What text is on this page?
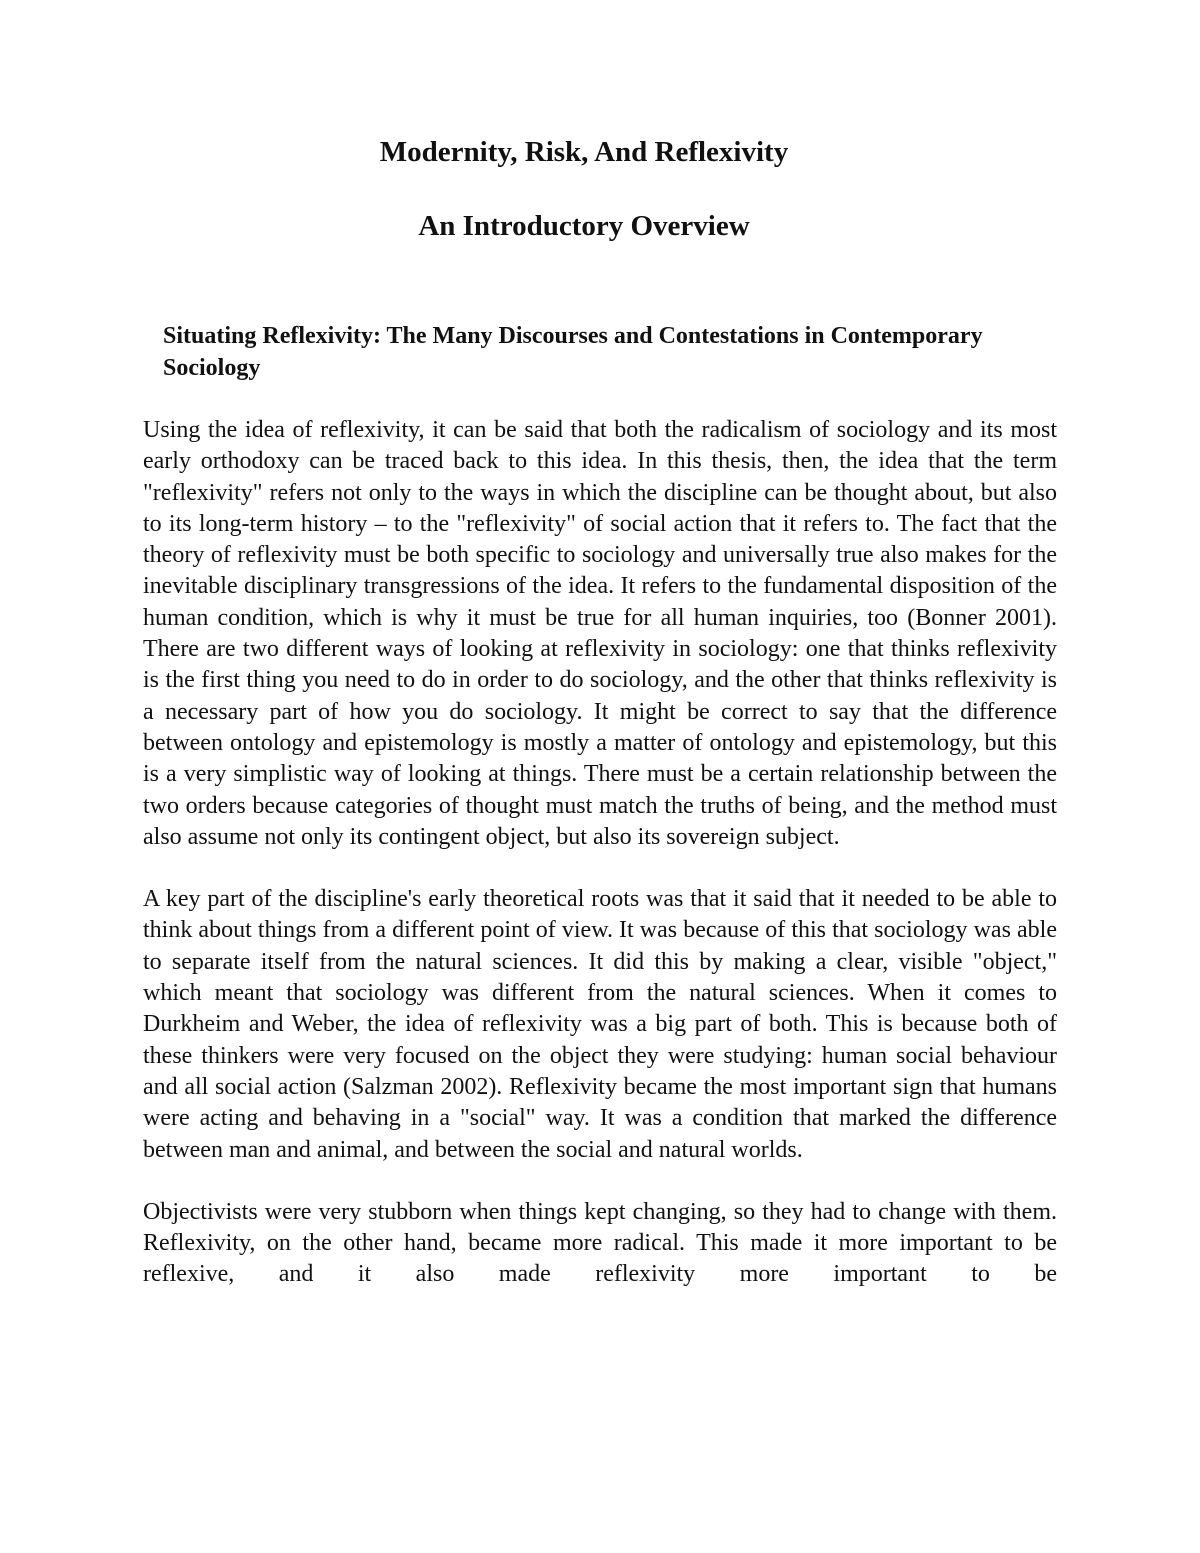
Modernity, Risk, And Reflexivity
An Introductory Overview
Situating Reflexivity: The Many Discourses and Contestations in Contemporary Sociology

Using the idea of reflexivity, it can be said that both the radicalism of sociology and its most early orthodoxy can be traced back to this idea. In this thesis, then, the idea that the term "reflexivity" refers not only to the ways in which the discipline can be thought about, but also to its long-term history – to the "reflexivity" of social action that it refers to. The fact that the theory of reflexivity must be both specific to sociology and universally true also makes for the inevitable disciplinary transgressions of the idea. It refers to the fundamental disposition of the human condition, which is why it must be true for all human inquiries, too (Bonner 2001). There are two different ways of looking at reflexivity in sociology: one that thinks reflexivity is the first thing you need to do in order to do sociology, and the other that thinks reflexivity is a necessary part of how you do sociology. It might be correct to say that the difference between ontology and epistemology is mostly a matter of ontology and epistemology, but this is a very simplistic way of looking at things. There must be a certain relationship between the two orders because categories of thought must match the truths of being, and the method must also assume not only its contingent object, but also its sovereign subject.

A key part of the discipline's early theoretical roots was that it said that it needed to be able to think about things from a different point of view. It was because of this that sociology was able to separate itself from the natural sciences. It did this by making a clear, visible "object," which meant that sociology was different from the natural sciences. When it comes to Durkheim and Weber, the idea of reflexivity was a big part of both. This is because both of these thinkers were very focused on the object they were studying: human social behaviour and all social action (Salzman 2002). Reflexivity became the most important sign that humans were acting and behaving in a "social" way. It was a condition that marked the difference between man and animal, and between the social and natural worlds.

Objectivists were very stubborn when things kept changing, so they had to change with them. Reflexivity, on the other hand, became more radical. This made it more important to be reflexive, and it also made reflexivity more important to be
